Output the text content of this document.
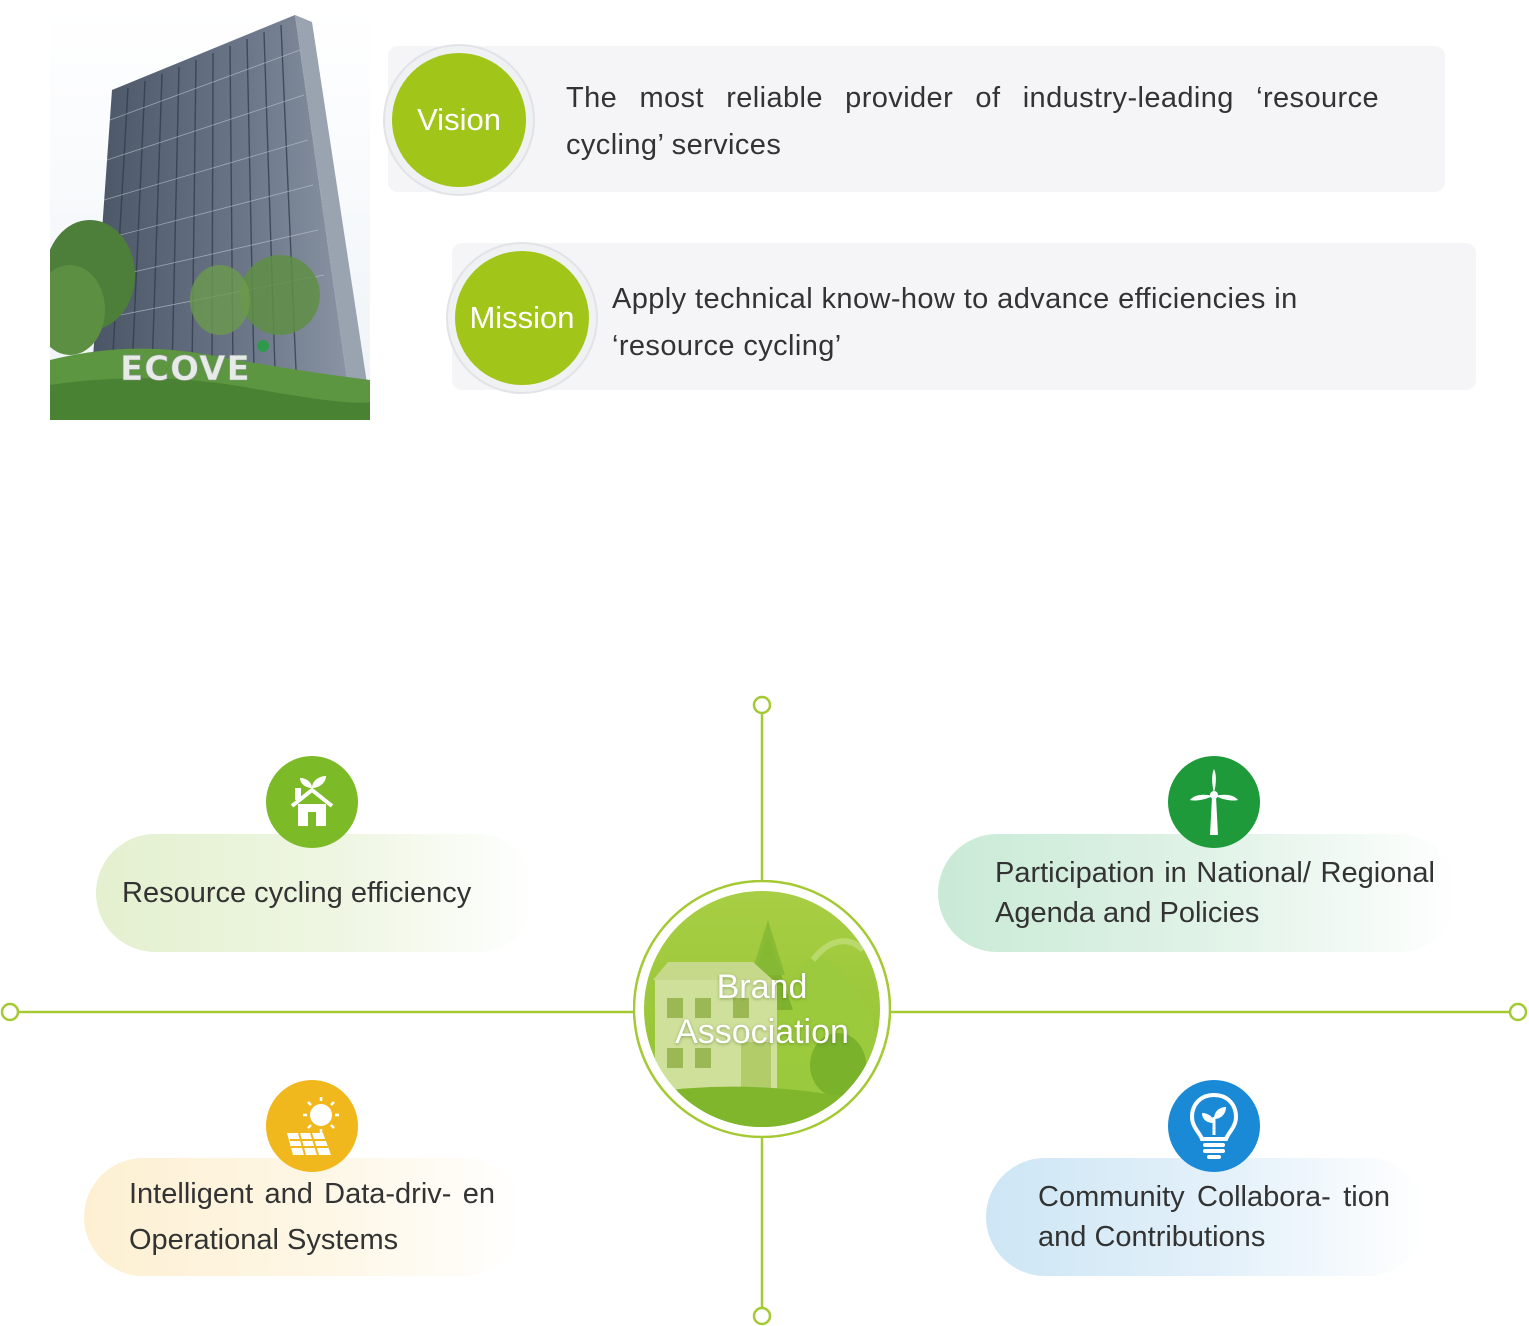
ECOVE
Vision
The most reliable provider of industry-leading ‘resource cycling’ services
Mission
Apply technical know-how to advance efficiencies in ‘resource cycling’
Resource cycling efficiency
Participation in National/ Regional Agenda and Policies
Intelligent and Data-driv- en Operational Systems
Community Collabora- tion and Contributions
Brand
Association
